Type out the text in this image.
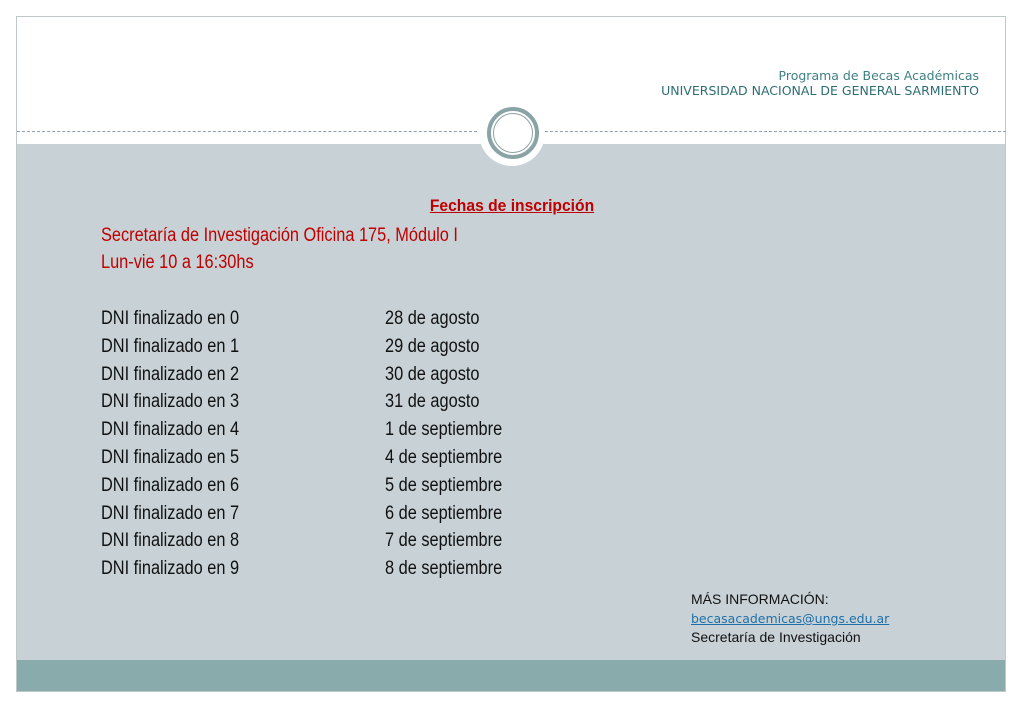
Programa de Becas Académicas
UNIVERSIDAD NACIONAL DE GENERAL SARMIENTO
Fechas de inscripción
Secretaría de Investigación Oficina 175, Módulo I
Lun-vie 10 a 16:30hs
DNI finalizado en 0	28 de agosto
DNI finalizado en 1	29 de agosto
DNI finalizado en 2	30 de agosto
DNI finalizado en 3	31 de agosto
DNI finalizado en 4	1 de septiembre
DNI finalizado en 5	4 de septiembre
DNI finalizado en 6	5 de septiembre
DNI finalizado en 7	6 de septiembre
DNI finalizado en 8	7 de septiembre
DNI finalizado en 9	8 de septiembre
MÁS INFORMACIÓN:
becasacademicas@ungs.edu.ar
Secretaría de Investigación
